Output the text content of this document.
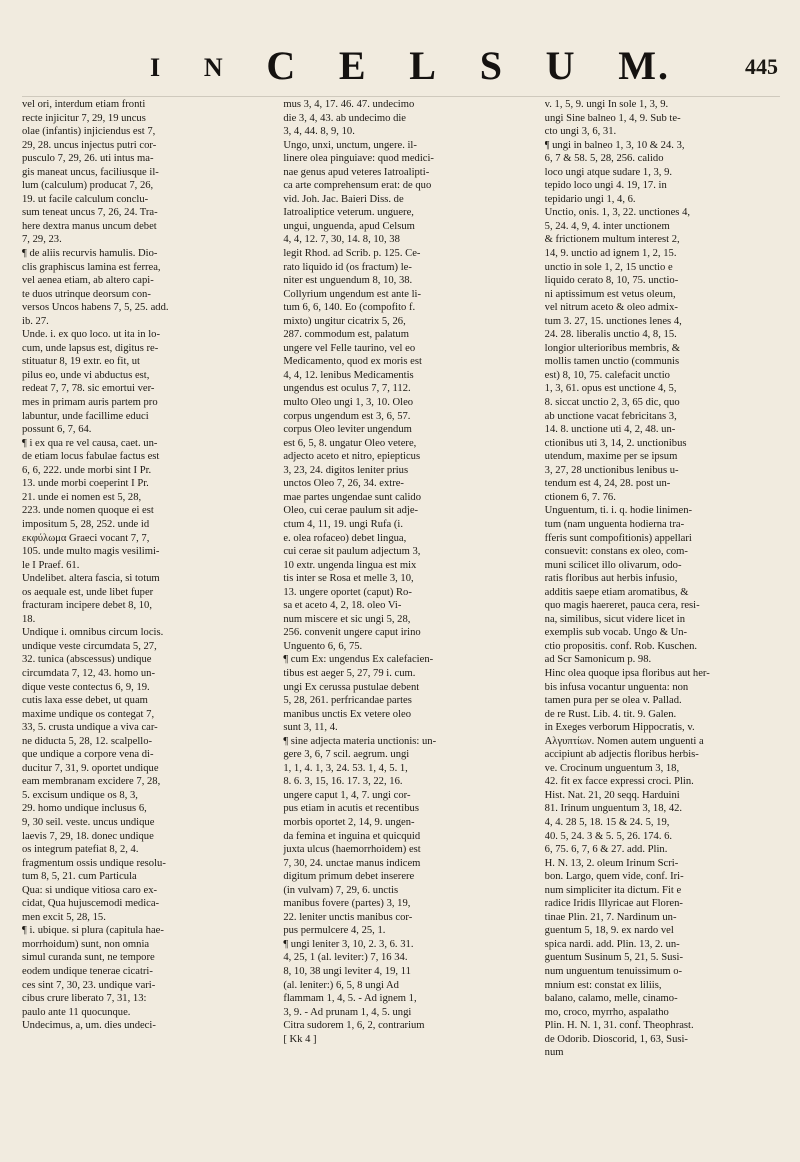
I N C E L S U M.	445
vel ori, interdum etiam fronti
recte injicitur 7, 29, 19 uncus
olae (infantis) injiciendus est 7,
29, 28. uncus injectus putri cor-
pusculo 7, 29, 26. uti intus ma-
gis maneat uncus, faciliusque il-
lum (calculum) producat 7, 26,
19. ut facile calculum conclu-
sum teneat uncus 7, 26, 24. Tra-
here dextra manus uncum debet
7, 29, 23.
¶ de aliis recurvis hamulis. Dio-
clis graphiscus lamina est ferrea,
vel aenea etiam, ab altero capi-
te duos utrinque deorsum con-
versos Uncos habens 7, 5, 25. add.
ib. 27.
Unde. i. ex quo loco. ut ita in lo-
cum, unde lapsus est, digitus re-
stituatur 8, 19 extr. eo fit, ut
pilus eo, unde vi abductus est,
redeat 7, 7, 78. sic emortui ver-
mes in primam auris partem pro
labuntur, unde facillime educi
possunt 6, 7, 64.
¶ i ex qua re vel causa, caet. un-
de etiam locus fabulae factus est
6, 6, 222. unde morbi sint I Pr.
13. unde morbi coeperint I Pr.
21. unde ei nomen est 5, 28,
223. unde nomen quoque ei est
impositum 5, 28, 252. unde id
εκφύλωμα Graeci vocant 7, 7,
105. unde multo magis vesilimi-
le I Praef. 61.
Undelibet. altera fascia, si totum
os aequale est, unde libet fuper
fracturam incipere debet 8, 10,
18.
Undique i. omnibus circum locis.
undique veste circumdata 5, 27,
32. tunica (abscessus) undique
circumdata 7, 12, 43. homo un-
dique veste contectus 6, 9, 19.
cutis laxa esse debet, ut quam
maxime undique os contegat 7,
33, 5. crusta undique a viva car-
ne diducta 5, 28, 12. scalpello-
que undique a corpore vena di-
ducitur 7, 31, 9. oportet undique
eam membranam excidere 7, 28,
5. excisum undique os 8, 3,
29. homo undique inclusus 6,
9, 30 seil. veste. uncus undique
laevis 7, 29, 18. donec undique
os integrum patefiat 8, 2, 4.
fragmentum ossis undique resolu-
tum 8, 5, 21. cum Particula
Qua: si undique vitiosa caro ex-
cidat, Qua hujuscemodi medica-
men excit 5, 28, 15.
¶ i. ubique. si plura (capitula hae-
morrhoidum) sunt, non omnia
simul curanda sunt, ne tempore
eodem undique tenerae cicatri-
ces sint 7, 30, 23. undique vari-
cibus crure liberato 7, 31, 13:
paulo ante 11 quocunque.
Undecimus, a, um. dies undeci-
mus 3, 4, 17. 46. 47. undecimo
die 3, 4, 43. ab undecimo die
3, 4, 44. 8, 9, 10.
Ungo, unxi, unctum, ungere. il-
linere olea pinguiave: quod medici-
nae genus apud veteres Iatroalipti-
ca arte comprehensum erat: de quo
vid. Joh. Jac. Baieri Diss. de
Iatroaliptice veterum. unguere,
ungui, unguenda, apud Celsum
4, 4, 12. 7, 30, 14. 8, 10, 38
legit Rhod. ad Scrib. p. 125. Ce-
rato liquido id (os fractum) le-
niter est unguendum 8, 10, 38.
Collyrium ungendum est ante li-
tum 6, 6, 140. Eo (compofito f.
mixto) ungitur cicatrix 5, 26,
287. commodum est, palatum
ungere vel Felle taurino, vel eo
Medicamento, quod ex moris est
4, 4, 12. lenibus Medicamentis
ungendus est oculus 7, 7, 112.
multo Oleo ungi 1, 3, 10. Oleo
corpus ungendum est 3, 6, 57.
corpus Oleo leviter ungendum
est 6, 5, 8. ungatur Oleo vetere,
adjecto aceto et nitro, epiepticus
3, 23, 24. digitos leniter prius
unctos Oleo 7, 26, 34. extre-
mae partes ungendae sunt calido
Oleo, cui cerae paulum sit adje-
ctum 4, 11, 19. ungi Rufa (i.
e. olea rofaceo) debet lingua,
cui cerae sit paulum adjectum 3,
10 extr. ungenda lingua est mix
tis inter se Rosa et melle 3, 10,
13. ungere oportet (caput) Ro-
sa et aceto 4, 2, 18. oleo Vi-
num miscere et sic ungi 5, 28,
256. convenit ungere caput irino
Unguento 6, 6, 75.
¶ cum Ex: ungendus Ex calefacien-
tibus est aeger 5, 27, 79 i. cum.
ungi Ex cerussa pustulae debent
5, 28, 261. perfricandae partes
manibus unctis Ex vetere oleo
sunt 3, 11, 4.
¶ sine adjecta materia unctionis: un-
gere 3, 6, 7 scil. aegrum. ungi
1, 1, 4. 1, 3, 24. 53. 1, 4, 5. 1,
8. 6. 3, 15, 16. 17. 3, 22, 16.
ungere caput 1, 4, 7. ungi cor-
pus etiam in acutis et recentibus
morbis oportet 2, 14, 9. ungen-
da femina et inguina et quicquid
juxta ulcus (haemorrhoidem) est
7, 30, 24. unctae manus indicem
digitum primum debet inserere
(in vulvam) 7, 29, 6. unctis
manibus fovere (partes) 3, 19,
22. leniter unctis manibus cor-
pus permulcere 4, 25, 1.
¶ ungi leniter 3, 10, 2. 3, 6. 31.
4, 25, 1 (al. leviter:) 7, 16 34.
8, 10, 38 ungi leviter 4, 19, 11
(al. leniter:) 6, 5, 8 ungi Ad
flammam 1, 4, 5. - Ad ignem 1,
3, 9. - Ad prunam 1, 4, 5. ungi
Citra sudorem 1, 6, 2, contrarium
[ Kk 4 ]
v. 1, 5, 9. ungi In sole 1, 3, 9.
ungi Sine balneo 1, 4, 9. Sub te-
cto ungi 3, 6, 31.
¶ ungi in balneo 1, 3, 10 & 24. 3,
6, 7 & 58. 5, 28, 256. calido
loco ungi atque sudare 1, 3, 9.
tepido loco ungi 4. 19, 17. in
tepidario ungi 1, 4, 6.
Unctio, onis. 1, 3, 22. unctiones 4,
5, 24. 4, 9, 4. inter unctionem
& frictionem multum interest 2,
14, 9. unctio ad ignem 1, 2, 15.
unctio in sole 1, 2, 15 unctio e
liquido cerato 8, 10, 75. unctio-
ni aptissimum est vetus oleum,
vel nitrum aceto & oleo admix-
tum 3. 27, 15. unctiones lenes 4,
24. 28. liberalis unctio 4, 8, 15.
longior ulterioribus membris, &
mollis tamen unctio (communis
est) 8, 10, 75. calefacit unctio
1, 3, 61. opus est unctione 4, 5,
8. siccat unctio 2, 3, 65 dic, quo
ab unctione vacat febricitans 3,
14. 8. unctione uti 4, 2, 48. un-
ctionibus uti 3, 14, 2. unctionibus
utendum, maxime per se ipsum
3, 27, 28 unctionibus lenibus u-
tendum est 4, 24, 28. post un-
ctionem 6, 7. 76.
Unguentum, ti. i. q. hodie linimen-
tum (nam unguenta hodierna tra-
fferis sunt compofitionis) appellari
consuevit: constans ex oleo, com-
muni scilicet illo olivarum, odo-
ratis floribus aut herbis infusio,
additis saepe etiam aromatibus, &
quo magis haereret, pauca cera, resi-
na, similibus, sicut videre licet in
exemplis sub vocab. Ungo & Un-
ctio propositis. conf. Rob. Kuschen.
ad Scr Samonicum p. 98.
Hinc olea quoque ipsa floribus aut her-
bis infusa vocantur unguenta: non
tamen pura per se olea v. Pallad.
de re Rust. Lib. 4. tit. 9. Galen.
in Exeges verborum Hippocratis, v.
Αλγυπτίων. Nomen autem unguenti a
accipiunt ab adjectis floribus herbis-
ve. Crocinum unguentum 3, 18,
42. fit ex facce expressi croci. Plin.
Hist. Nat. 21, 20 seqq. Harduini
81. Irinum unguentum 3, 18, 42.
4, 4. 28 5, 18. 15 & 24. 5, 19,
40. 5, 24. 3 & 5. 5, 26. 174. 6.
6, 75. 6, 7, 6 & 27. add. Plin.
H. N. 13, 2. oleum Irinum Scri-
bon. Largo, quem vide, conf. Iri-
num simpliciter ita dictum. Fit e
radice Iridis Illyricae aut Floren-
tinae Plin. 21, 7. Nardinum un-
guentum 5, 18, 9. ex nardo vel
spica nardi. add. Plin. 13, 2. un-
guentum Susinum 5, 21, 5. Susi-
num unguentum tenuissimum o-
mnium est: constat ex liliis,
balano, calamo, melle, cinamo-
mo, croco, myrrho, aspalatho
Plin. H. N. 1, 31. conf. Theophrast.
de Odorib. Dioscorid, 1, 63, Susi-
num
